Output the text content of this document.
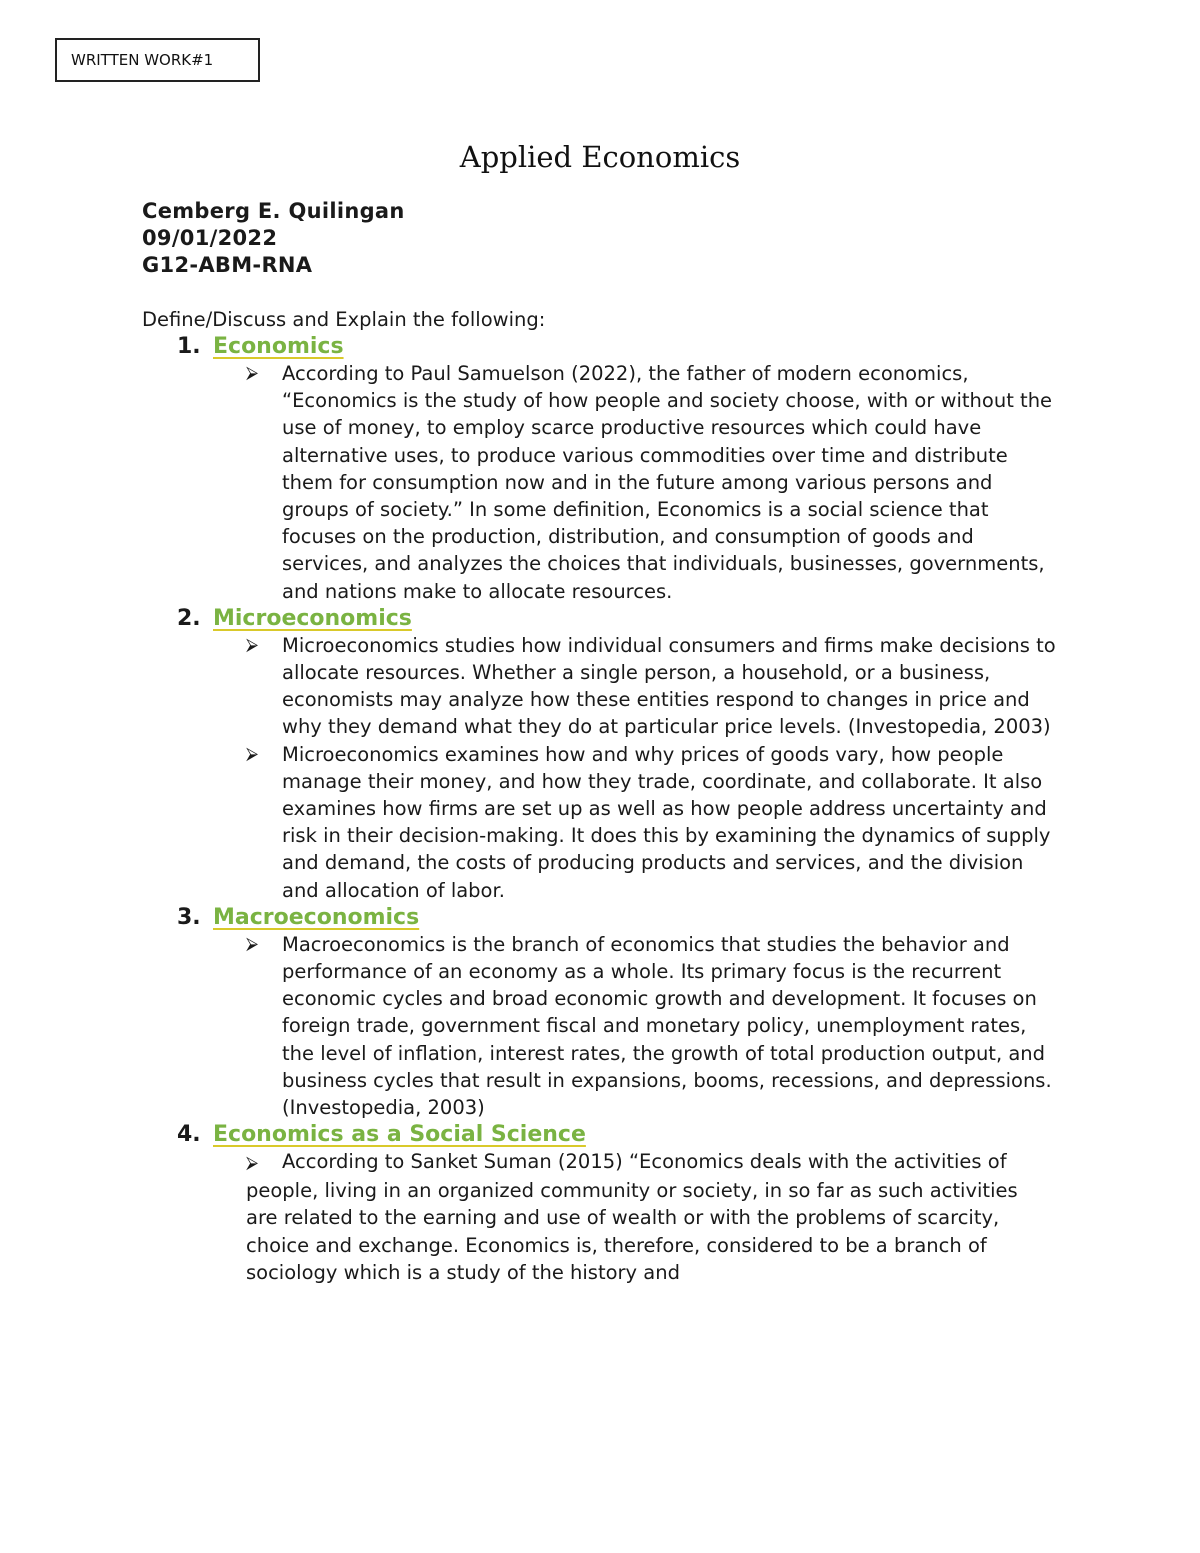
WRITTEN WORK#1
Applied Economics
Cemberg E. Quilingan
09/01/2022
G12-ABM-RNA
Define/Discuss and Explain the following:
1. Economics
⮚ According to Paul Samuelson (2022), the father of modern economics, “Economics is the study of how people and society choose, with or without the use of money, to employ scarce productive resources which could have alternative uses, to produce various commodities over time and distribute them for consumption now and in the future among various persons and groups of society.” In some definition, Economics is a social science that focuses on the production, distribution, and consumption of goods and services, and analyzes the choices that individuals, businesses, governments, and nations make to allocate resources.

2. Microeconomics
⮚ Microeconomics studies how individual consumers and firms make decisions to allocate resources. Whether a single person, a household, or a business, economists may analyze how these entities respond to changes in price and why they demand what they do at particular price levels. (Investopedia, 2003)

⮚ Microeconomics examines how and why prices of goods vary, how people manage their money, and how they trade, coordinate, and collaborate. It also examines how firms are set up as well as how people address uncertainty and risk in their decision-making. It does this by examining the dynamics of supply and demand, the costs of producing products and services, and the division and allocation of labor.

3. Macroeconomics
⮚ Macroeconomics is the branch of economics that studies the behavior and performance of an economy as a whole. Its primary focus is the recurrent economic cycles and broad economic growth and development. It focuses on foreign trade, government fiscal and monetary policy, unemployment rates, the level of inflation, interest rates, the growth of total production output, and business cycles that result in expansions, booms, recessions, and depressions. (Investopedia, 2003)

4. Economics as a Social Science

⮚ According to Sanket Suman (2015) “Economics deals with the activities of people, living in an organized community or society, in so far as such activities are related to the earning and use of wealth or with the problems of scarcity, choice and exchange. Economics is, therefore, considered to be a branch of sociology which is a study of the history and
